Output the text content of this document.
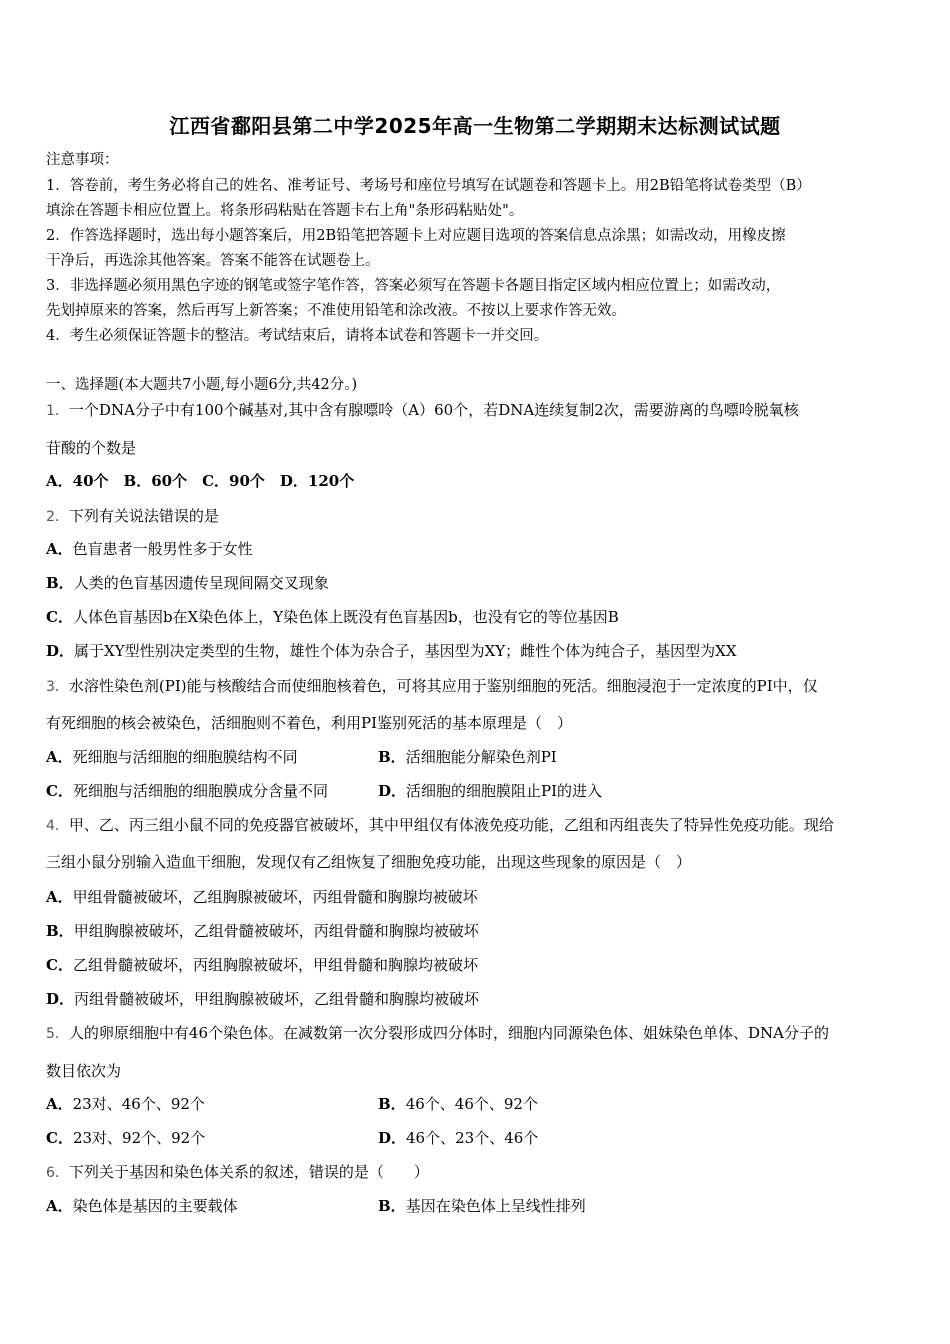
江西省鄱阳县第二中学2025年高一生物第二学期期末达标测试试题
注意事项：
1．答卷前，考生务必将自己的姓名、准考证号、考场号和座位号填写在试题卷和答题卡上。用2B铅笔将试卷类型（B）
填涂在答题卡相应位置上。将条形码粘贴在答题卡右上角"条形码粘贴处"。
2．作答选择题时，选出每小题答案后，用2B铅笔把答题卡上对应题目选项的答案信息点涂黑；如需改动，用橡皮擦
干净后，再选涂其他答案。答案不能答在试题卷上。
3．非选择题必须用黑色字迹的钢笔或签字笔作答，答案必须写在答题卡各题目指定区域内相应位置上；如需改动，
先划掉原来的答案，然后再写上新答案；不准使用铅笔和涂改液。不按以上要求作答无效。
4．考生必须保证答题卡的整洁。考试结束后，请将本试卷和答题卡一并交回。
一、选择题(本大题共7小题,每小题6分,共42分。)
1．一个DNA分子中有100个碱基对,其中含有腺嘌呤（A）60个，若DNA连续复制2次，需要游离的鸟嘌呤脱氧核
苷酸的个数是
A．40个　B．60个　C．90个　D．120个
2．下列有关说法错误的是
A．色盲患者一般男性多于女性
B．人类的色盲基因遗传呈现间隔交叉现象
C．人体色盲基因b在X染色体上，Y染色体上既没有色盲基因b，也没有它的等位基因B
D．属于XY型性别决定类型的生物，雄性个体为杂合子，基因型为XY；雌性个体为纯合子，基因型为XX
3．水溶性染色剂(PI)能与核酸结合而使细胞核着色，可将其应用于鉴别细胞的死活。细胞浸泡于一定浓度的PI中，仅
有死细胞的核会被染色，活细胞则不着色，利用PI鉴别死活的基本原理是（　）
A．死细胞与活细胞的细胞膜结构不同	B．活细胞能分解染色剂PI
C．死细胞与活细胞的细胞膜成分含量不同	D．活细胞的细胞膜阻止PI的进入
4．甲、乙、丙三组小鼠不同的免疫器官被破坏，其中甲组仅有体液免疫功能，乙组和丙组丧失了特异性免疫功能。现给
三组小鼠分别输入造血干细胞，发现仅有乙组恢复了细胞免疫功能，出现这些现象的原因是（　）
A．甲组骨髓被破坏，乙组胸腺被破坏，丙组骨髓和胸腺均被破坏
B．甲组胸腺被破坏，乙组骨髓被破坏，丙组骨髓和胸腺均被破坏
C．乙组骨髓被破坏，丙组胸腺被破坏，甲组骨髓和胸腺均被破坏
D．丙组骨髓被破坏，甲组胸腺被破坏，乙组骨髓和胸腺均被破坏
5．人的卵原细胞中有46个染色体。在减数第一次分裂形成四分体时，细胞内同源染色体、姐妹染色单体、DNA分子的
数目依次为
A．23对、46个、92个	B．46个、46个、92个
C．23对、92个、92个	D．46个、23个、46个
6．下列关于基因和染色体关系的叙述，错误的是（　　）
A．染色体是基因的主要载体	B．基因在染色体上呈线性排列
